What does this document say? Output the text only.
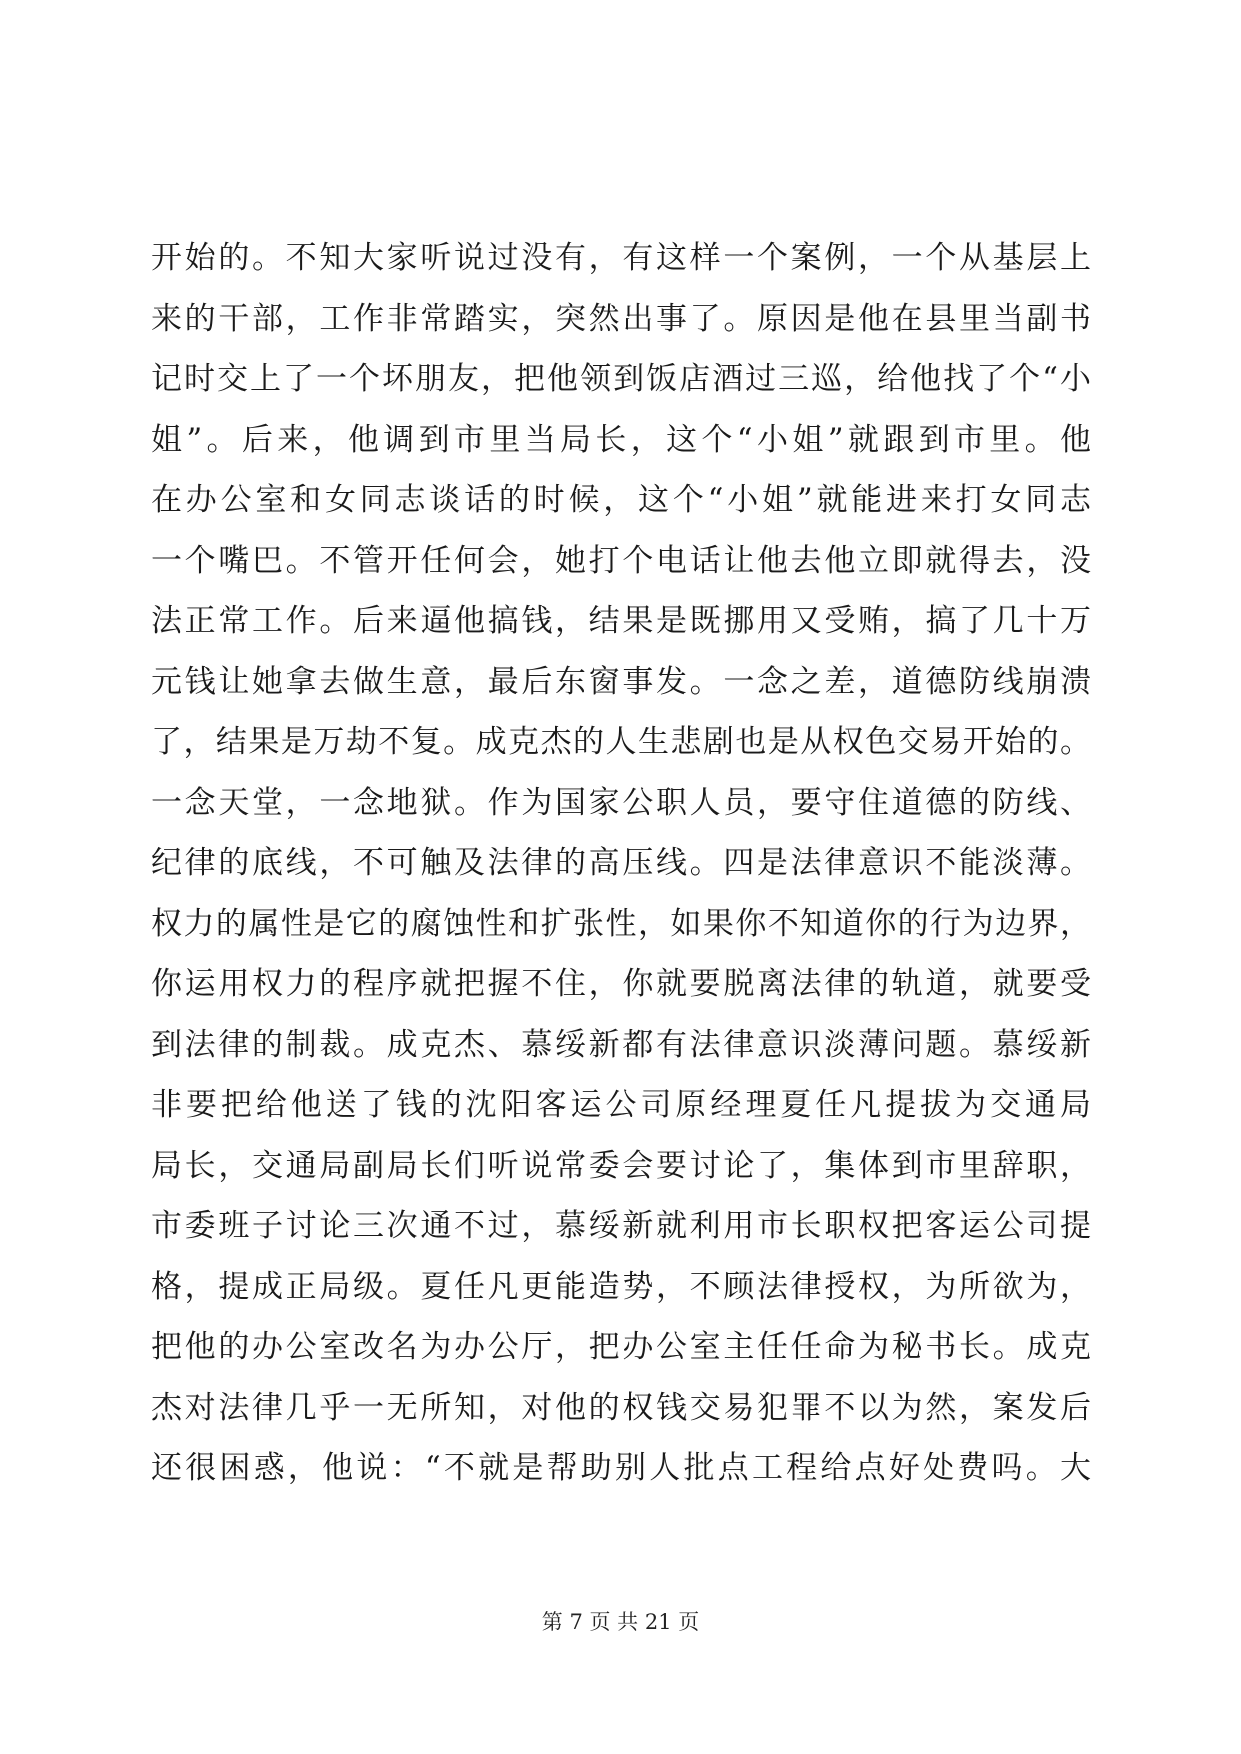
开始的。不知大家听说过没有，有这样一个案例，一个从基层上
来的干部，工作非常踏实，突然出事了。原因是他在县里当副书
记时交上了一个坏朋友，把他领到饭店酒过三巡，给他找了个“小
姐”。后来，他调到市里当局长，这个“小姐”就跟到市里。他
在办公室和女同志谈话的时候，这个“小姐”就能进来打女同志
一个嘴巴。不管开任何会，她打个电话让他去他立即就得去，没
法正常工作。后来逼他搞钱，结果是既挪用又受贿，搞了几十万
元钱让她拿去做生意，最后东窗事发。一念之差，道德防线崩溃
了，结果是万劫不复。成克杰的人生悲剧也是从权色交易开始的。
一念天堂，一念地狱。作为国家公职人员，要守住道德的防线、
纪律的底线，不可触及法律的高压线。四是法律意识不能淡薄。
权力的属性是它的腐蚀性和扩张性，如果你不知道你的行为边界，
你运用权力的程序就把握不住，你就要脱离法律的轨道，就要受
到法律的制裁。成克杰、慕绥新都有法律意识淡薄问题。慕绥新
非要把给他送了钱的沈阳客运公司原经理夏任凡提拔为交通局
局长，交通局副局长们听说常委会要讨论了，集体到市里辞职，
市委班子讨论三次通不过，慕绥新就利用市长职权把客运公司提
格，提成正局级。夏任凡更能造势，不顾法律授权，为所欲为，
把他的办公室改名为办公厅，把办公室主任任命为秘书长。成克
杰对法律几乎一无所知，对他的权钱交易犯罪不以为然，案发后
还很困惑，他说：“不就是帮助别人批点工程给点好处费吗。大
第 7 页 共 21 页
